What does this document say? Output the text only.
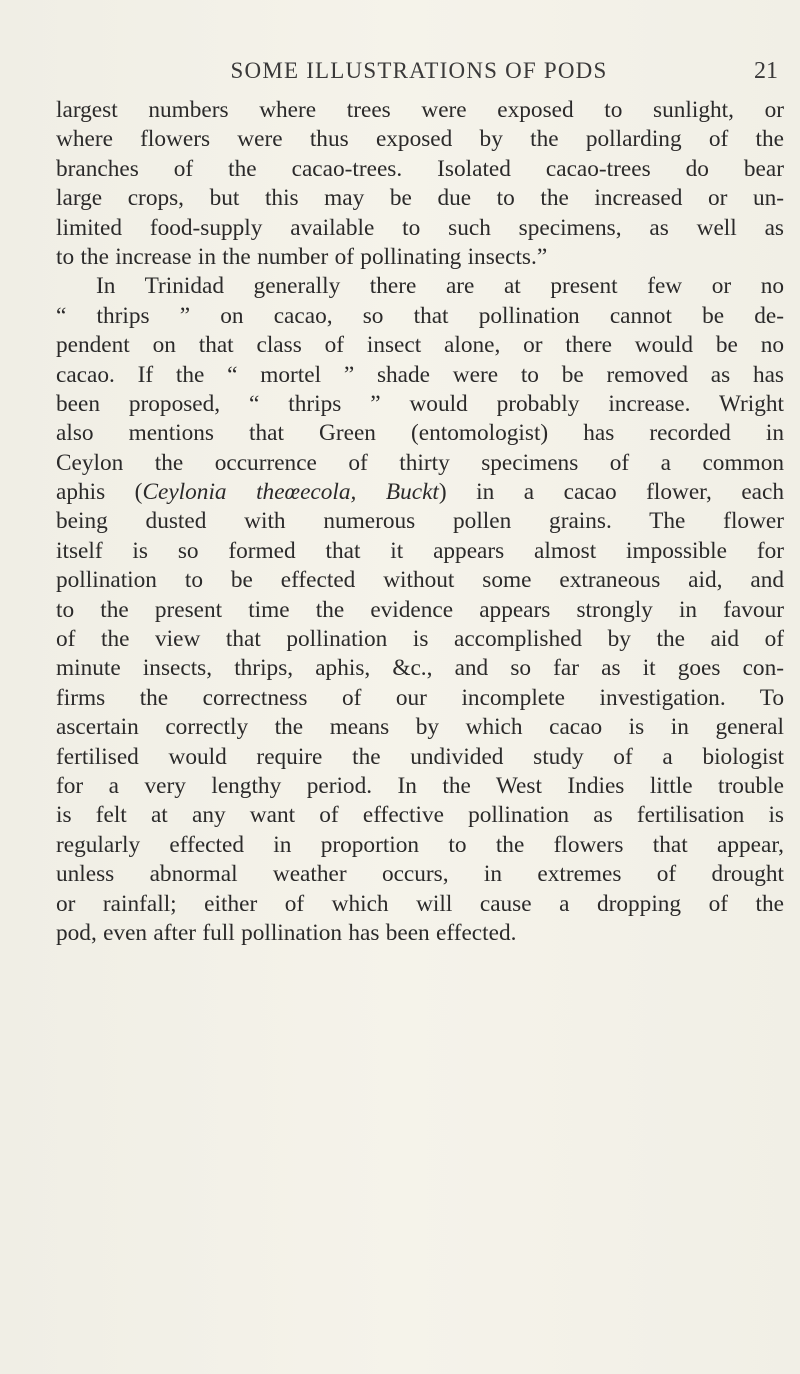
SOME ILLUSTRATIONS OF PODS	21
largest numbers where trees were exposed to sunlight, or
where flowers were thus exposed by the pollarding of the
branches of the cacao-trees. Isolated cacao-trees do bear
large crops, but this may be due to the increased or un-
limited food-supply available to such specimens, as well as
to the increase in the number of pollinating insects.”
In Trinidad generally there are at present few or no
“ thrips ” on cacao, so that pollination cannot be de-
pendent on that class of insect alone, or there would be no
cacao. If the “ mortel ” shade were to be removed as has
been proposed, “ thrips ” would probably increase. Wright
also mentions that Green (entomologist) has recorded in
Ceylon the occurrence of thirty specimens of a common
aphis (Ceylonia theœecola, Buckt) in a cacao flower, each
being dusted with numerous pollen grains. The flower
itself is so formed that it appears almost impossible for
pollination to be effected without some extraneous aid, and
to the present time the evidence appears strongly in favour
of the view that pollination is accomplished by the aid of
minute insects, thrips, aphis, &c., and so far as it goes con-
firms the correctness of our incomplete investigation. To
ascertain correctly the means by which cacao is in general
fertilised would require the undivided study of a biologist
for a very lengthy period. In the West Indies little trouble
is felt at any want of effective pollination as fertilisation is
regularly effected in proportion to the flowers that appear,
unless abnormal weather occurs, in extremes of drought
or rainfall; either of which will cause a dropping of the
pod, even after full pollination has been effected.
